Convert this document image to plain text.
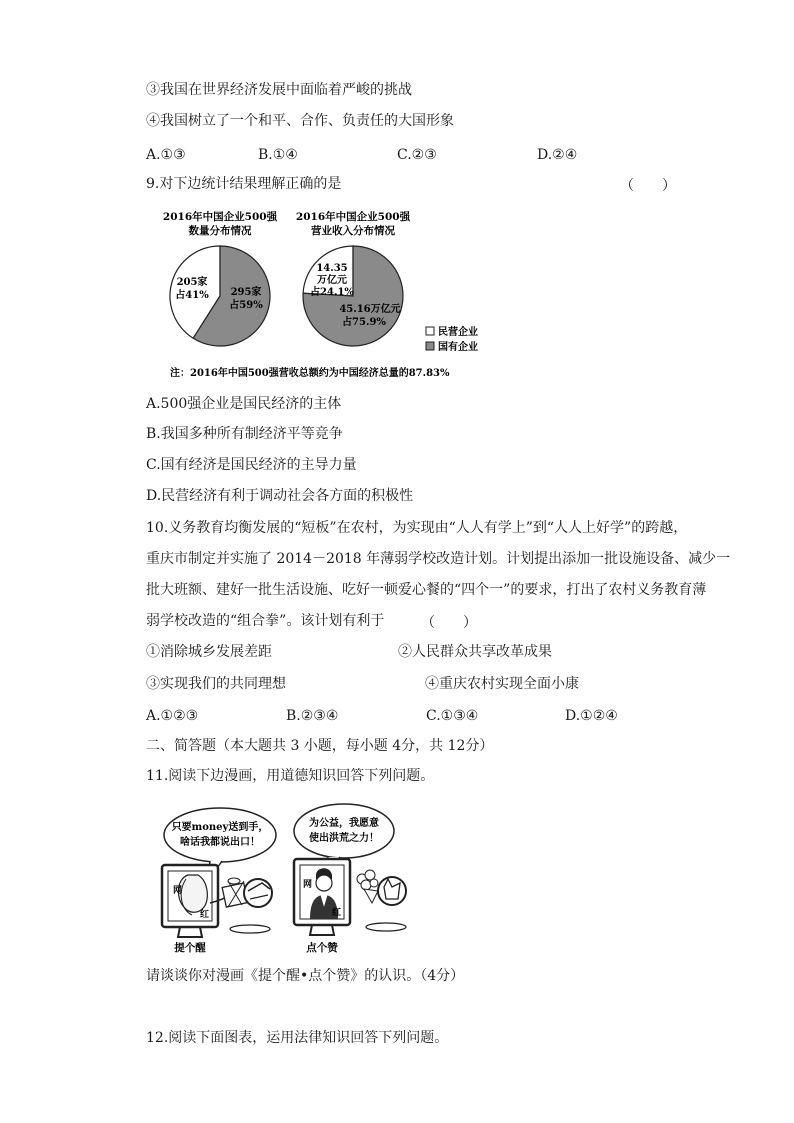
③我国在世界经济发展中面临着严峻的挑战
④我国树立了一个和平、合作、负责任的大国形象
A.①③	B.①④	C.②③	D.②④
9.对下边统计结果理解正确的是	（　　）
2016年中国企业500强
数量分布情况
2016年中国企业500强
营业收入分布情况
205家
占41% 295家
占59%
14.35
万亿元
占24.1%
45.16万亿元
占75.9%
民营企业
国有企业
注：2016年中国500强营收总额约为中国经济总量的87.83%
A.500强企业是国民经济的主体
B.我国多种所有制经济平等竞争
C.国有经济是国民经济的主导力量
D.民营经济有利于调动社会各方面的积极性
10.义务教育均衡发展的“短板”在农村，为实现由“人人有学上”到“人人上好学”的跨越，
重庆市制定并实施了 2014－2018 年薄弱学校改造计划。计划提出添加一批设施设备、减少一
批大班额、建好一批生活设施、吃好一顿爱心餐的“四个一”的要求，打出了农村义务教育薄
弱学校改造的“组合拳”。该计划有利于	（　　）
①消除城乡发展差距	②人民群众共享改革成果
③实现我们的共同理想	④重庆农村实现全面小康
A.①②③	B.②③④	C.①③④	D.①②④
二、简答题（本大题共 3 小题，每小题 4分，共 12分）
11.阅读下边漫画，用道德知识回答下列问题。
只要money送到手，
啥话我都说出口！
为公益，我愿意
使出洪荒之力！
网
红
网
红
提个醒	点个赞
请谈谈你对漫画《提个醒•点个赞》的认识。（4分）
12.阅读下面图表，运用法律知识回答下列问题。
